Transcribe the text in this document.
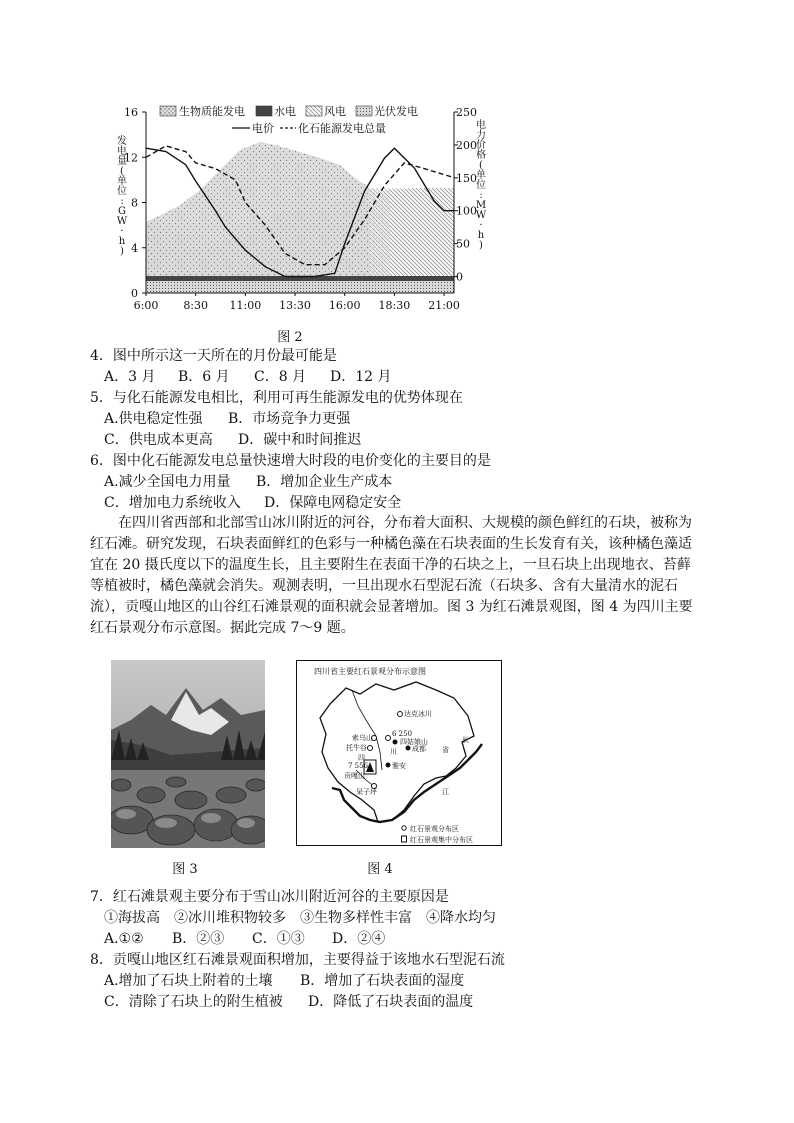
0
4
8
12
16
0
50
100
150
200
250
6:00 8:30 11:00 13:30 16:00 18:30 21:00
发
电
量
(
单
位
:
G
W
·
h
)
电
力
价
格
(
单
位
:
M
W
·
h
)
生物质能发电	水电	风电	光伏发电
电价 化石能源发电总量
图 2
4．图中所示这一天所在的月份最可能是
A．3 月 B．6 月 C．8 月 D．12 月
5．与化石能源发电相比，利用可再生能源发电的优势体现在
A.供电稳定性强 B．市场竞争力更强
C．供电成本更高 D．碳中和时间推迟
6．图中化石能源发电总量快速增大时段的电价变化的主要目的是
A.减少全国电力用量 B．增加企业生产成本
C．增加电力系统收入 D．保障电网稳定安全
在四川省西部和北部雪山冰川附近的河谷，分布着大面积、大规模的颜色鲜红的石块，被称为红石滩。研究发现，石块表面鲜红的色彩与一种橘色藻在石块表面的生长发育有关，该种橘色藻适宜在 20 摄氏度以下的温度生长，且主要附生在表面干净的石块之上，一旦石块上出现地衣、苔藓等植被时，橘色藻就会消失。观测表明，一旦出现水石型泥石流（石块多、含有大量清水的泥石流），贡嘎山地区的山谷红石滩景观的面积就会显著增加。图 3 为红石滩景观图，图 4 为四川主要红石景观分布示意图。据此完成 7～9 题。
图 3
四川省主要红石景观分布示意图
达克冰川
索乌山
托牛谷
6 250
四姑娘山
成都
四
川	省
雅安
7 556
贡嘎山
呆子坪
长
江
红石景观分布区
红石景观集中分布区
图 4
7．红石滩景观主要分布于雪山冰川附近河谷的主要原因是
①海拔高　②冰川堆积物较多　③生物多样性丰富　④降水均匀
A.①② B．②③ C．①③ D．②④
8．贡嘎山地区红石滩景观面积增加，主要得益于该地水石型泥石流
A.增加了石块上附着的土壤 B．增加了石块表面的湿度
C．清除了石块上的附生植被 D．降低了石块表面的温度
